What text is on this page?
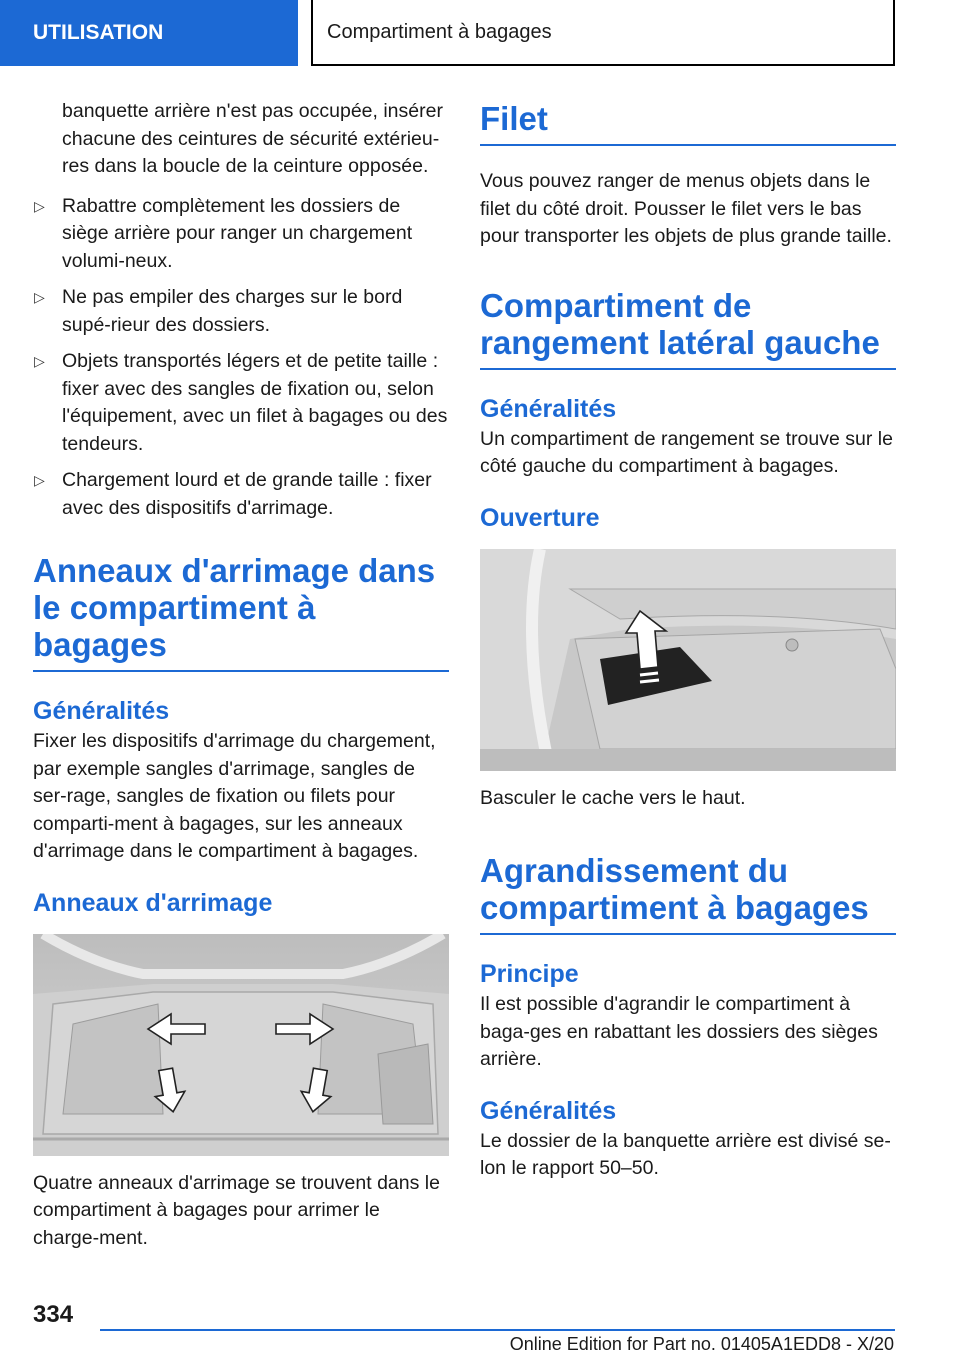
UTILISATION	Compartiment à bagages

banquette arrière n'est pas occupée, insérer chacune des ceintures de sécurité extérieu‐res dans la boucle de la ceinture opposée.

▷ Rabattre complètement les dossiers de siège arrière pour ranger un chargement volumi‐neux.
▷ Ne pas empiler des charges sur le bord supé‐rieur des dossiers.
▷ Objets transportés légers et de petite taille : fixer avec des sangles de fixation ou, selon l'équipement, avec un filet à bagages ou des tendeurs.
▷ Chargement lourd et de grande taille : fixer avec des dispositifs d'arrimage.
Anneaux d'arrimage dans le compartiment à bagages
Généralités

Fixer les dispositifs d'arrimage du chargement, par exemple sangles d'arrimage, sangles de ser‐rage, sangles de fixation ou filets pour comparti‐ment à bagages, sur les anneaux d'arrimage dans le compartiment à bagages.

Anneaux d'arrimage

Quatre anneaux d'arrimage se trouvent dans le compartiment à bagages pour arrimer le charge‐ment.

Filet

Vous pouvez ranger de menus objets dans le filet du côté droit. Pousser le filet vers le bas pour transporter les objets de plus grande taille.

Compartiment de rangement latéral gauche
Généralités

Un compartiment de rangement se trouve sur le côté gauche du compartiment à bagages.

Ouverture

Basculer le cache vers le haut.

Agrandissement du compartiment à bagages
Principe

Il est possible d'agrandir le compartiment à baga‐ges en rabattant les dossiers des sièges arrière.

Généralités

Le dossier de la banquette arrière est divisé se‐lon le rapport 50–50.

334
Online Edition for Part no. 01405A1EDD8 - X/20
